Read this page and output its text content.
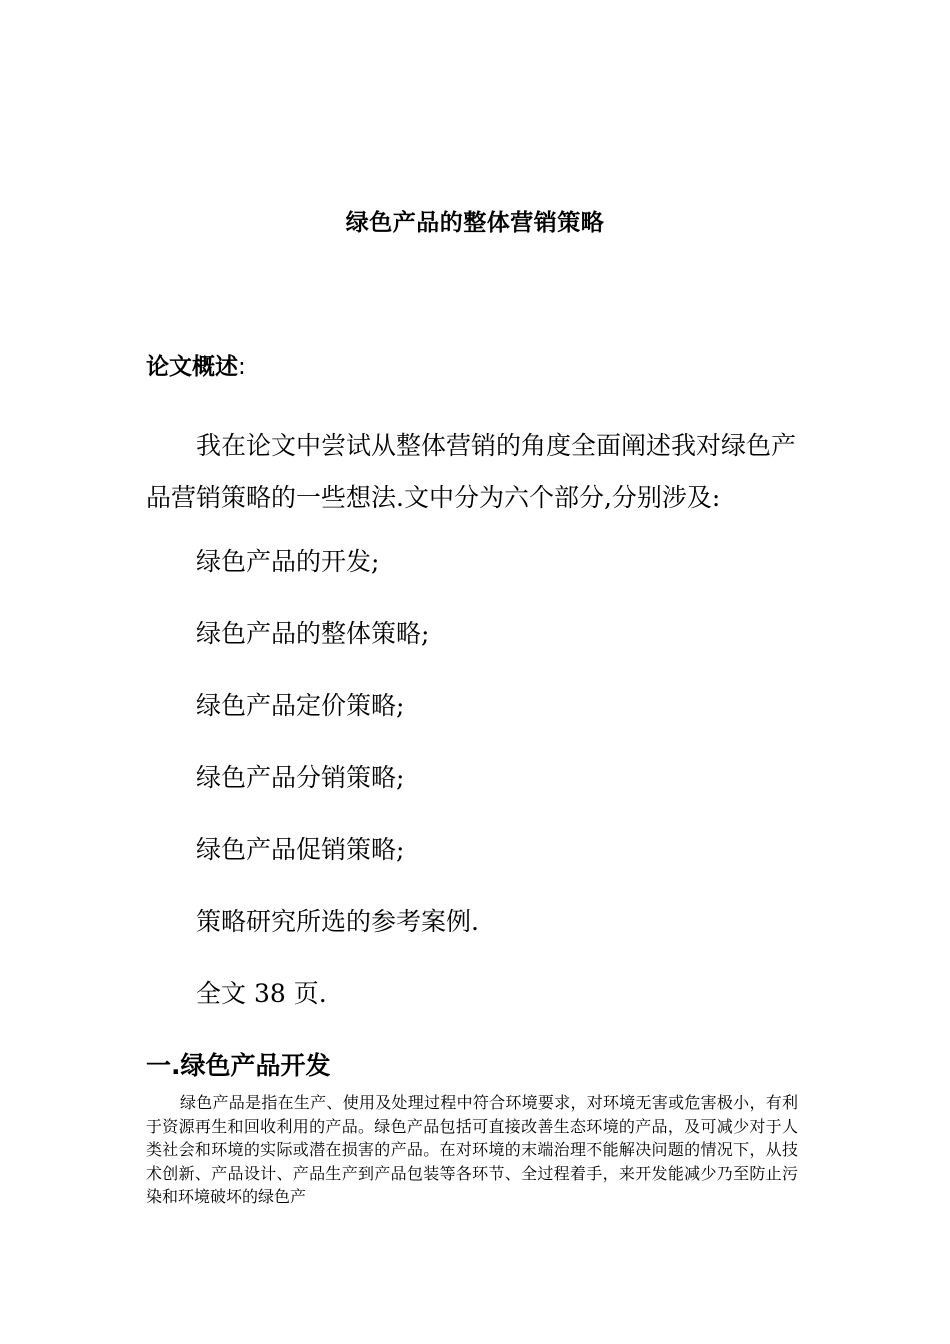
绿色产品的整体营销策略
论文概述:

我在论文中尝试从整体营销的角度全面阐述我对绿色产品营销策略的一些想法.文中分为六个部分,分别涉及:

绿色产品的开发;
绿色产品的整体策略;
绿色产品定价策略;
绿色产品分销策略;
绿色产品促销策略;
策略研究所选的参考案例.
全文 38 页.
一.绿色产品开发

绿色产品是指在生产、使用及处理过程中符合环境要求，对环境无害或危害极小，有利于资源再生和回收利用的产品。绿色产品包括可直接改善生态环境的产品，及可减少对于人类社会和环境的实际或潜在损害的产品。在对环境的末端治理不能解决问题的情况下，从技术创新、产品设计、产品生产到产品包装等各环节、全过程着手，来开发能减少乃至防止污染和环境破坏的绿色产
